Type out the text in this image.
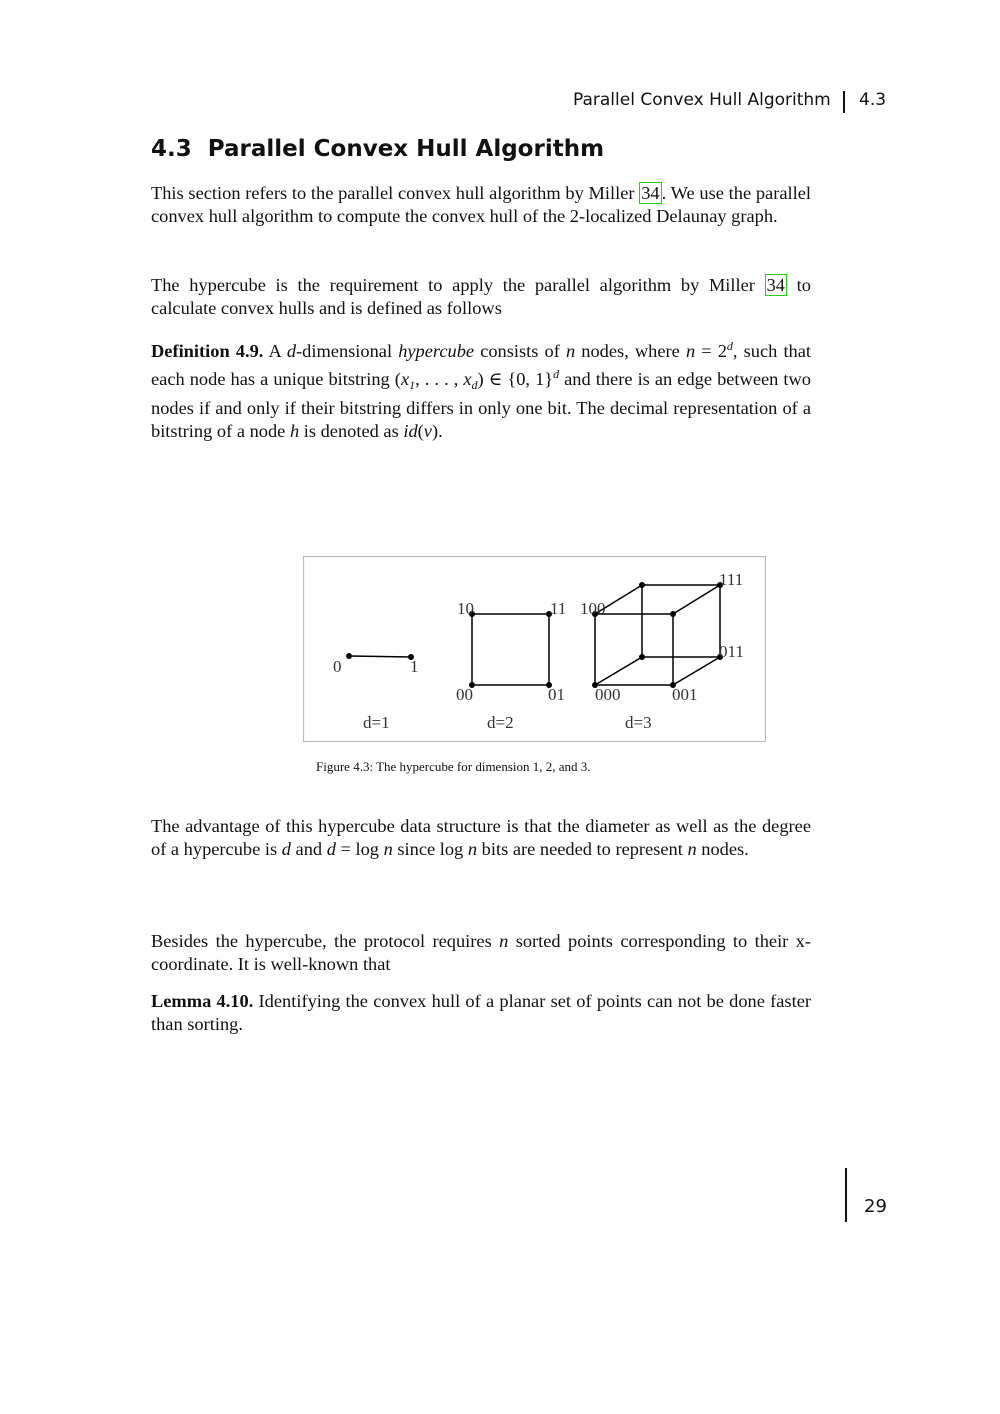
Parallel Convex Hull Algorithm 4.3
4.3 Parallel Convex Hull Algorithm

This section refers to the parallel convex hull algorithm by Miller 34 . We use the parallel convex hull algorithm to compute the convex hull of the 2-localized Delaunay graph.

The hypercube is the requirement to apply the parallel algorithm by Miller 34 to calculate convex hulls and is defined as follows

Definition 4.9. A d-dimensional hypercube consists of n nodes, where $n = 2^d$, such that each node has a unique bitstring ($x_1$, . . . , $x_d$) ∈ {0, 1}$^d$ and there is an edge between two nodes if and only if their bitstring differs in only one bit. The decimal representation of a bitstring of a node h is denoted as id(v).

0	1
10	11
00	01
111
100
011
000	001
d=1	d=2	d=3
Figure 4.3: The hypercube for dimension 1, 2, and 3.

The advantage of this hypercube data structure is that the diameter as well as the degree of a hypercube is d and d = log n since log n bits are needed to represent n nodes.

Besides the hypercube, the protocol requires n sorted points corresponding to their x-coordinate. It is well-known that

Lemma 4.10. Identifying the convex hull of a planar set of points can not be done faster than sorting.

29
